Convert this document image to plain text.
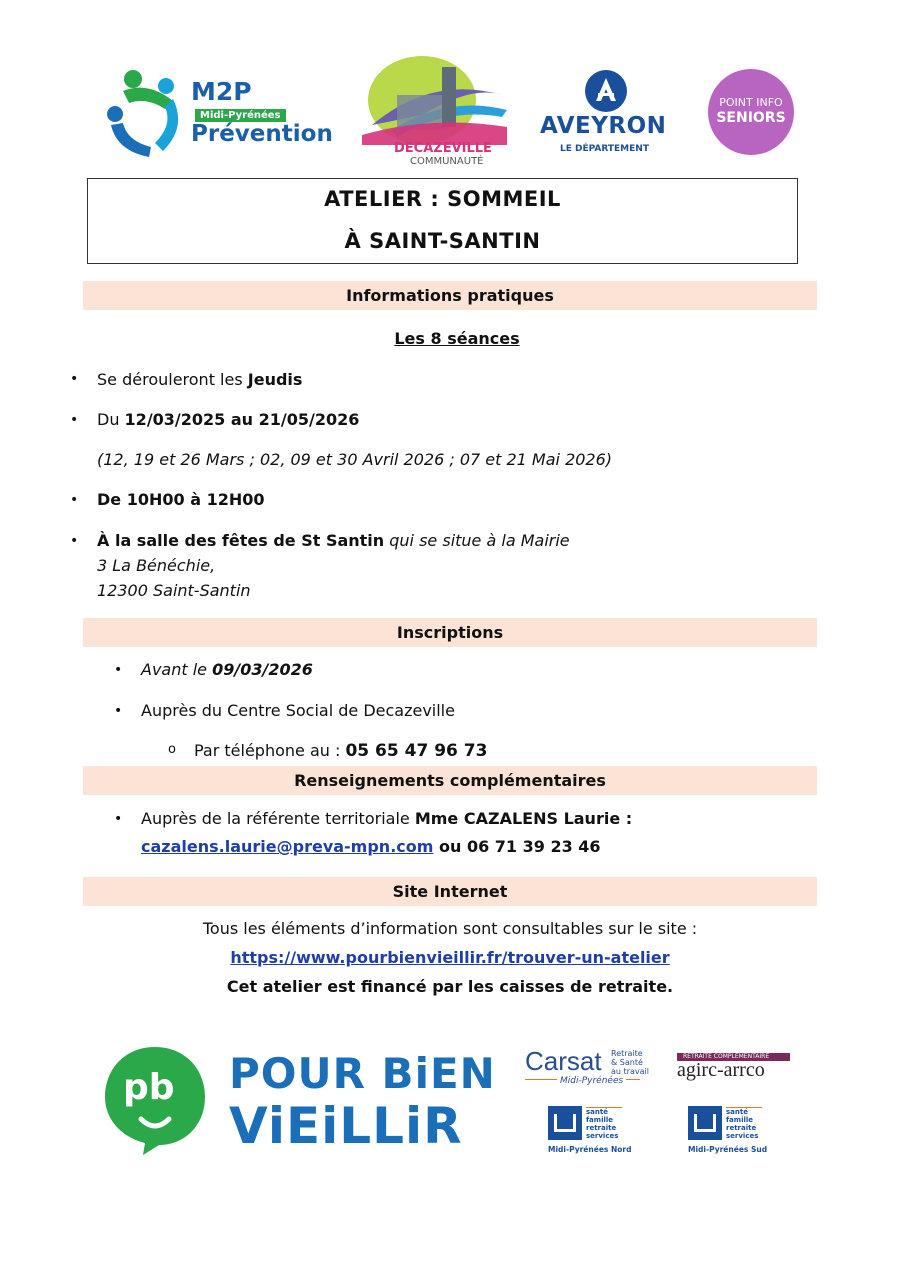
M2P
Midi-Pyrénées
Prévention
DECAZEVILLE
COMMUNAUTÉ
AVEYRON
LE DÉPARTEMENT
POINT INFO
SENIORS
ATELIER : SOMMEIL
À SAINT-SANTIN
Informations pratiques
Les 8 séances
• Se dérouleront les Jeudis
• Du 12/03/2025 au 21/05/2026
(12, 19 et 26 Mars ; 02, 09 et 30 Avril 2026 ; 07 et 21 Mai 2026)
• De 10H00 à 12H00
• À la salle des fêtes de St Santin qui se situe à la Mairie
3 La Bénéchie,
12300 Saint-Santin
Inscriptions
• Avant le 09/03/2026
• Auprès du Centre Social de Decazeville
o Par téléphone au : 05 65 47 96 73
Renseignements complémentaires
• Auprès de la référente territoriale Mme CAZALENS Laurie :
cazalens.laurie@preva-mpn.com ou 06 71 39 23 46
Site Internet
Tous les éléments d’information sont consultables sur le site :
https://www.pourbienvieillir.fr/trouver-un-atelier
Cet atelier est financé par les caisses de retraite.
pb POUR BiEN
ViEiLLiR
Carsat Retraite
& Santé
au travail
Midi-Pyrénées
RETRAITE COMPLÉMENTAIRE
agirc-arrco
santé
famille
retraite
services
Midi-Pyrénées Nord
santé
famille
retraite
services
Midi-Pyrénées Sud
